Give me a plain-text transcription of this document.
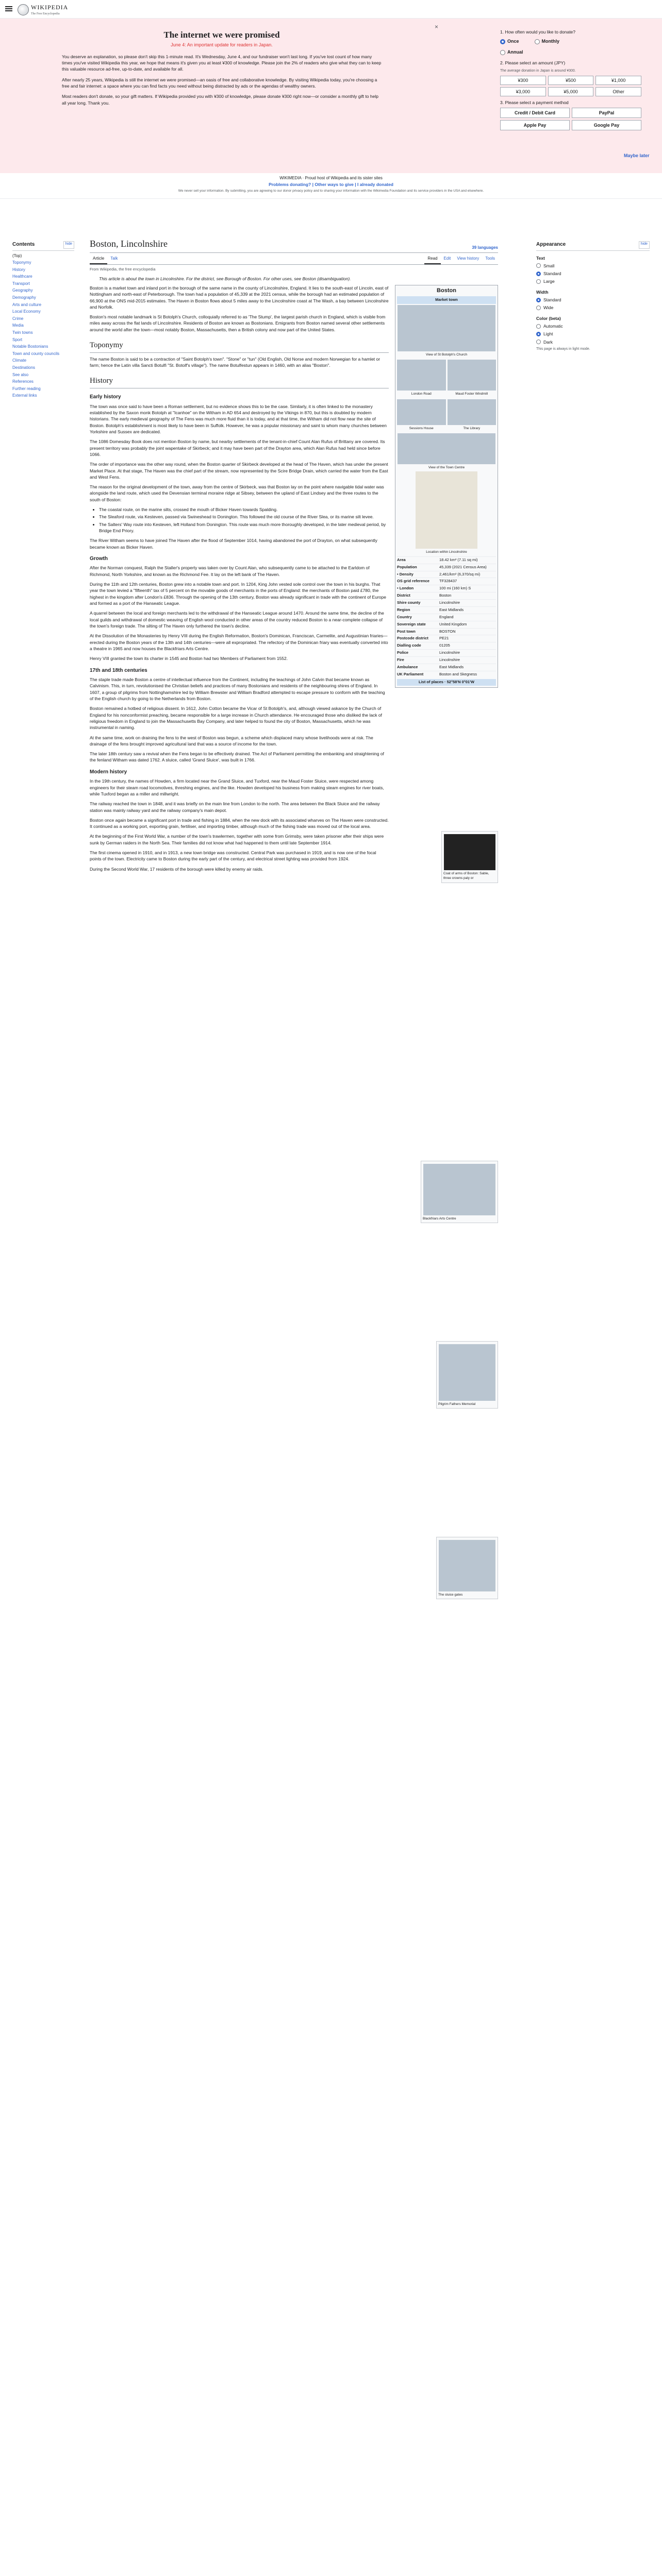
WIKIPEDIA
The Free Encyclopedia
×
The internet we were promised
June 4: An important update for readers in Japan.

You deserve an explanation, so please don't skip this 1-minute read. It's Wednesday, June 4, and our fundraiser won't last long. If you've lost count of how many times you've visited Wikipedia this year, we hope that means it's given you at least ¥300 of knowledge. Please join the 2% of readers who give what they can to keep this valuable resource ad-free, up-to-date, and available for all.

After nearly 25 years, Wikipedia is still the internet we were promised—an oasis of free and collaborative knowledge. By visiting Wikipedia today, you're choosing a free and fair internet: a space where you can find facts you need without being distracted by ads or the agendas of wealthy owners.

Most readers don't donate, so your gift matters. If Wikipedia provided you with ¥300 of knowledge, please donate ¥300 right now—or consider a monthly gift to help all year long. Thank you.

1. How often would you like to donate?
Once	Monthly
Annual
2. Please select an amount (JPY)
The average donation in Japan is around ¥300.
¥300	¥500	¥1,000
¥3,000	¥5,000	Other
3. Please select a payment method
Credit / Debit Card	PayPal
Apple Pay	Google Pay
Maybe later
WIKIMEDIA · Proud host of Wikipedia and its sister sites
Problems donating? | Other ways to give | I already donated
We never sell your information. By submitting, you are agreeing to our donor privacy policy and to sharing your information with the Wikimedia Foundation and its service providers in the USA and elsewhere.
Contents	hide
(Top)
Toponymy
History
Healthcare
Transport
Geography
Demography
Arts and culture
Local Economy
Crime
Media
Twin towns
Sport
Notable Bostonians
Town and county councils
Climate
Destinations
See also
References
Further reading
External links
Boston, Lincolnshire	39 languages
Article	Talk	Read	Edit	View history	Tools
From Wikipedia, the free encyclopedia
This article is about the town in Lincolnshire. For the district, see Borough of Boston. For other uses, see Boston (disambiguation).

Boston is a market town and inland port in the borough of the same name in the county of Lincolnshire, England. It lies to the south-east of Lincoln, east of Nottingham and north-east of Peterborough. The town had a population of 45,339 at the 2021 census, while the borough had an estimated population of 66,900 at the ONS mid-2015 estimates. The Haven in Boston flows about 5 miles away to the Lincolnshire coast at The Wash, a bay between Lincolnshire and Norfolk.

Boston's most notable landmark is St Botolph's Church, colloquially referred to as 'The Stump', the largest parish church in England, which is visible from miles away across the flat lands of Lincolnshire. Residents of Boston are known as Bostonians. Emigrants from Boston named several other settlements around the world after the town—most notably Boston, Massachusetts, then a British colony and now part of the United States.

Toponymy

The name Boston is said to be a contraction of "Saint Botolph's town". "Stone" or "tun" (Old English, Old Norse and modern Norwegian for a hamlet or farm; hence the Latin villa Sancti Botulfi "St. Botolf's village"). The name Botulfestun appears in 1460, with an alias "Boston".

History
Early history

The town was once said to have been a Roman settlement, but no evidence shows this to be the case. Similarly, it is often linked to the monastery established by the Saxon monk Botolph at "Icanhoe" on the Witham in AD 654 and destroyed by the Vikings in 870, but this is doubted by modern historians. The early medieval geography of The Fens was much more fluid than it is today, and at that time, the Witham did not flow near the site of Boston. Botolph's establishment is most likely to have been in Suffolk. However, he was a popular missionary and saint to whom many churches between Yorkshire and Sussex are dedicated.

The 1086 Domesday Book does not mention Boston by name, but nearby settlements of the tenant-in-chief Count Alan Rufus of Brittany are covered. Its present territory was probably the joint wapentake of Skirbeck; and it may have been part of the Drayton area, which Alan Rufus had held since before 1066.

The order of importance was the other way round, when the Boston quarter of Skirbeck developed at the head of The Haven, which has under the present Market Place. At that stage, The Haven was the chief part of the stream, now represented by the Scire Bridge Drain, which carried the water from the East and West Fens.

The reason for the original development of the town, away from the centre of Skirbeck, was that Boston lay on the point where navigable tidal water was alongside the land route, which used the Devensian terminal moraine ridge at Sibsey, between the upland of East Lindsey and the three routes to the south of Boston:

• The coastal route, on the marine silts, crossed the mouth of Bicker Haven towards Spalding.
• The Sleaford route, via Kesteven, passed via Swineshead to Donington. This followed the old course of the River Slea, or its marine silt levee.
• The Salters' Way route into Kesteven, left Holland from Donington. This route was much more thoroughly developed, in the later medieval period, by Bridge End Priory.

The River Witham seems to have joined The Haven after the flood of September 1014, having abandoned the port of Drayton, on what subsequently became known as Bicker Haven.

Growth

After the Norman conquest, Ralph the Staller's property was taken over by Count Alan, who subsequently came to be attached to the Earldom of Richmond, North Yorkshire, and known as the Richmond Fee. It lay on the left bank of The Haven.

During the 11th and 12th centuries, Boston grew into a notable town and port. In 1204, King John vested sole control over the town in his burghs. That year the town levied a "fifteenth" tax of 5 percent on the movable goods of merchants in the ports of England: the merchants of Boston paid £780, the highest in the kingdom after London's £836. Through the opening of the 13th century, Boston was already significant in trade with the continent of Europe and formed as a port of the Hanseatic League.

A quarrel between the local and foreign merchants led to the withdrawal of the Hanseatic League around 1470. Around the same time, the decline of the local guilds and withdrawal of domestic weaving of English wool conducted in other areas of the country reduced Boston to a near-complete collapse of the town's foreign trade. The silting of The Haven only furthered the town's decline.

At the Dissolution of the Monasteries by Henry VIII during the English Reformation, Boston's Dominican, Franciscan, Carmelite, and Augustinian friaries—erected during the Boston years of the 13th and 14th centuries—were all expropriated. The refectory of the Dominican friary was eventually converted into a theatre in 1965 and now houses the Blackfriars Arts Centre.

Henry VIII granted the town its charter in 1545 and Boston had two Members of Parliament from 1552.

17th and 18th centuries

The staple trade made Boston a centre of intellectual influence from the Continent, including the teachings of John Calvin that became known as Calvinism. This, in turn, revolutionised the Christian beliefs and practices of many Bostonians and residents of the neighbouring shires of England. In 1607, a group of pilgrims from Nottinghamshire led by William Brewster and William Bradford attempted to escape pressure to conform with the teaching of the English church by going to the Netherlands from Boston.

Boston remained a hotbed of religious dissent. In 1612, John Cotton became the Vicar of St Botolph's, and, although viewed askance by the Church of England for his nonconformist preaching, became responsible for a large increase in Church attendance. He encouraged those who disliked the lack of religious freedom in England to join the Massachusetts Bay Company, and later helped to found the city of Boston, Massachusetts, which he was instrumental in naming.

At the same time, work on draining the fens to the west of Boston was begun, a scheme which displaced many whose livelihoods were at risk. The drainage of the fens brought improved agricultural land that was a source of income for the town.

The later 18th century saw a revival when the Fens began to be effectively drained. The Act of Parliament permitting the embanking and straightening of the fenland Witham was dated 1762. A sluice, called 'Grand Sluice', was built in 1766.

Modern history

In the 19th century, the names of Howden, a firm located near the Grand Sluice, and Tuxford, near the Maud Foster Sluice, were respected among engineers for their steam road locomotives, threshing engines, and the like. Howden developed his business from making steam engines for river boats, while Tuxford began as a miller and millwright.

The railway reached the town in 1848, and it was briefly on the main line from London to the north. The area between the Black Sluice and the railway station was mainly railway yard and the railway company's main depot.

Boston once again became a significant port in trade and fishing in 1884, when the new dock with its associated wharves on The Haven were constructed. It continued as a working port, exporting grain, fertiliser, and importing timber, although much of the fishing trade was moved out of the local area.

At the beginning of the First World War, a number of the town's trawlermen, together with some from Grimsby, were taken prisoner after their ships were sunk by German raiders in the North Sea. Their families did not know what had happened to them until late September 1914.

The first cinema opened in 1910, and in 1913, a new town bridge was constructed. Central Park was purchased in 1919, and is now one of the focal points of the town. Electricity came to Boston during the early part of the century, and electrical street lighting was provided from 1924.

During the Second World War, 17 residents of the borough were killed by enemy air raids.

Boston
Market town
View of St Botolph's Church
London Road	Maud Foster Windmill
Sessions House	The Library
View of the Town Centre
Location within Lincolnshire
Area	18.42 km² (7.11 sq mi)
Population	45,339 (2021 Census Area)
• Density	2,461/km² (6,370/sq mi)
OS grid reference	TF328437
• London	100 mi (160 km) S
District	Boston
Shire county	Lincolnshire
Region	East Midlands
Country	England
Sovereign state	United Kingdom
Post town	BOSTON
Postcode district	PE21
Dialling code	01205
Police	Lincolnshire
Fire	Lincolnshire
Ambulance	East Midlands
UK Parliament	Boston and Skegness
List of places · 52°58′N 0°01′W
Coat of arms of Boston: Sable, three crowns paly or
Blackfriars Arts Centre
Pilgrim Fathers Memorial
The sluice gates
Appearance	hide
Text
Small
Standard
Large
Width
Standard
Wide
Color (beta)
Automatic
Light
Dark
This page is always in light mode.
